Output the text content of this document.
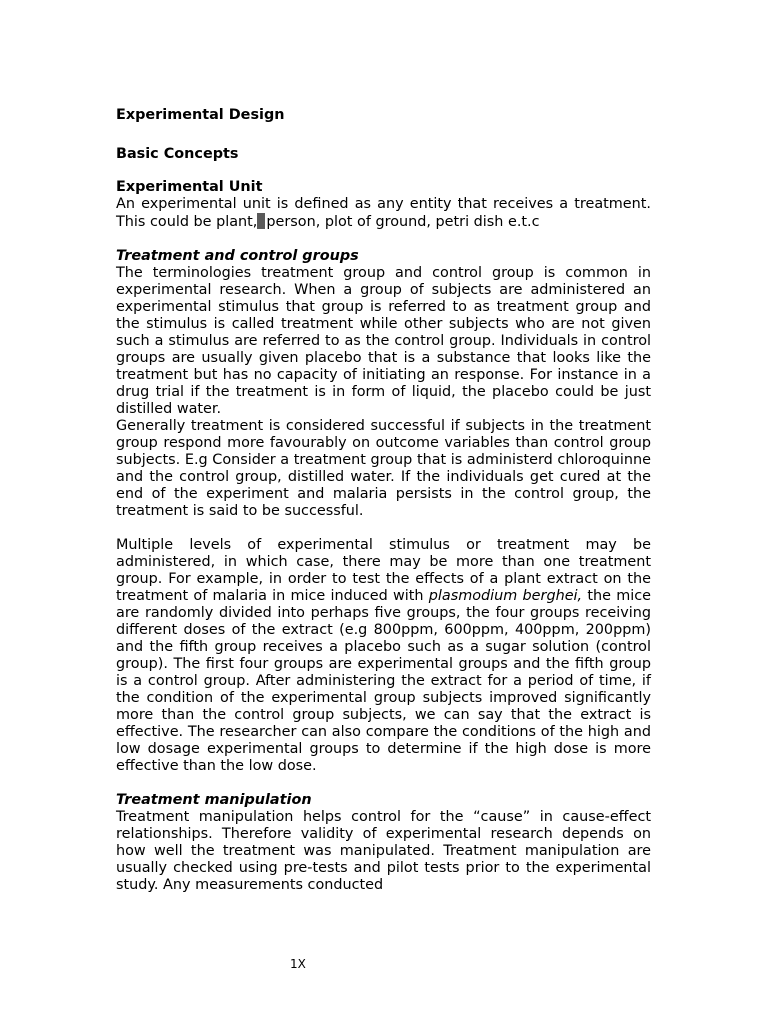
Experimental Design
Basic Concepts
Experimental Unit

An experimental unit is defined as any entity that receives a treatment. This could be plant, person, plot of ground, petri dish e.t.c

Treatment and control groups

The terminologies treatment group and control group is common in experimental research. When a group of subjects are administered an experimental stimulus that group is referred to as treatment group and the stimulus is called treatment while other subjects who are not given such a stimulus are referred to as the control group. Individuals in control groups are usually given placebo that is a substance that looks like the treatment but has no capacity of initiating an response. For instance in a drug trial if the treatment is in form of liquid, the placebo could be just distilled water.

Generally treatment is considered successful if subjects in the treatment group respond more favourably on outcome variables than control group subjects. E.g Consider a treatment group that is administerd chloroquinne and the control group, distilled water. If the individuals get cured at the end of the experiment and malaria persists in the control group, the treatment is said to be successful.

Multiple levels of experimental stimulus or treatment may be administered, in which case, there may be more than one treatment group. For example, in order to test the effects of a plant extract on the treatment of malaria in mice induced with plasmodium berghei, the mice are randomly divided into perhaps five groups, the four groups receiving different doses of the extract (e.g 800ppm, 600ppm, 400ppm, 200ppm) and the fifth group receives a placebo such as a sugar solution (control group). The first four groups are experimental groups and the fifth group is a control group. After administering the extract for a period of time, if the condition of the experimental group subjects improved significantly more than the control group subjects, we can say that the extract is effective. The researcher can also compare the conditions of the high and low dosage experimental groups to determine if the high dose is more effective than the low dose.

Treatment manipulation

Treatment manipulation helps control for the “cause” in cause-effect relationships. Therefore validity of experimental research depends on how well the treatment was manipulated. Treatment manipulation are usually checked using pre-tests and pilot tests prior to the experimental study. Any measurements conducted

1X
